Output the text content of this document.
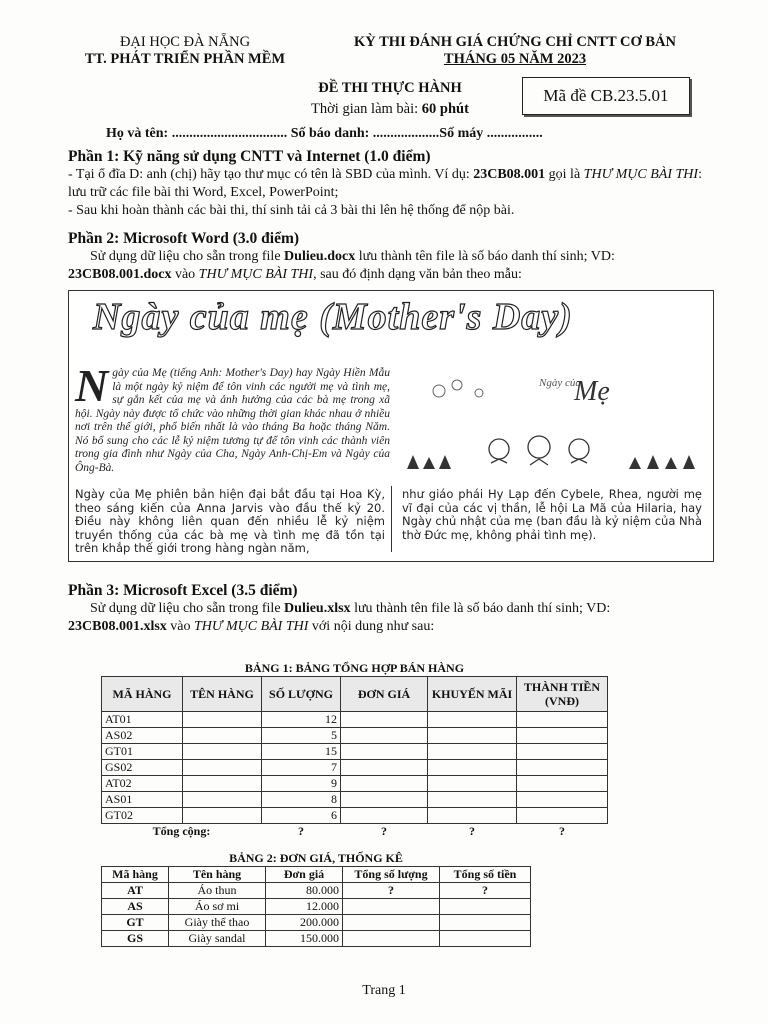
ĐẠI HỌC ĐÀ NẴNG
TT. PHÁT TRIỂN PHẦN MỀM
KỲ THI ĐÁNH GIÁ CHỨNG CHỈ CNTT CƠ BẢN
THÁNG 05 NĂM 2023
ĐỀ THI THỰC HÀNH
Thời gian làm bài: 60 phút
Mã đề CB.23.5.01
Họ và tên: ................................. Số báo danh: ...................Số máy ................
Phần 1: Kỹ năng sử dụng CNTT và Internet (1.0 điểm)
- Tại ổ đĩa D: anh (chị) hãy tạo thư mục có tên là SBD của mình. Ví dụ: 23CB08.001 gọi là THƯ MỤC BÀI THI: lưu trữ các file bài thi Word, Excel, PowerPoint;
- Sau khi hoàn thành các bài thi, thí sinh tải cả 3 bài thi lên hệ thống để nộp bài.
Phần 2: Microsoft Word (3.0 điểm)
Sử dụng dữ liệu cho sẵn trong file Dulieu.docx lưu thành tên file là số báo danh thí sinh; VD:
23CB08.001.docx vào THƯ MỤC BÀI THI, sau đó định dạng văn bản theo mẫu:
Ngày của mẹ (Mother's Day)
Ngày của Mẹ (tiếng Anh: Mother's Day) hay Ngày Hiền Mẫu là một ngày kỷ niệm để tôn vinh các người mẹ và tình mẹ, sự gắn kết của mẹ và ảnh hưởng của các bà mẹ trong xã hội. Ngày này được tổ chức vào những thời gian khác nhau ở nhiều nơi trên thế giới, phổ biến nhất là vào tháng Ba hoặc tháng Năm. Nó bổ sung cho các lễ kỷ niệm tương tự để tôn vinh các thành viên trong gia đình như Ngày của Cha, Ngày Anh-Chị-Em và Ngày của Ông-Bà.
Ngày của
Mẹ
Ngày của Mẹ phiên bản hiện đại bắt đầu tại Hoa Kỳ, theo sáng kiến của Anna Jarvis vào đầu thế kỷ 20. Điều này không liên quan đến nhiều lễ kỷ niệm truyền thống của các bà mẹ và tình mẹ đã tồn tại trên khắp thế giới trong hàng ngàn năm,
như giáo phái Hy Lạp đến Cybele, Rhea, người mẹ vĩ đại của các vị thần, lễ hội La Mã của Hilaria, hay Ngày chủ nhật của mẹ (ban đầu là kỷ niệm của Nhà thờ Đức mẹ, không phải tình mẹ).
Phần 3: Microsoft Excel (3.5 điểm)
Sử dụng dữ liệu cho sẵn trong file Dulieu.xlsx lưu thành tên file là số báo danh thí sinh; VD:
23CB08.001.xlsx vào THƯ MỤC BÀI THI với nội dung như sau:
BẢNG 1: BẢNG TỔNG HỢP BÁN HÀNG					
MÃ HÀNG	TÊN HÀNG	SỐ LƯỢNG	ĐƠN GIÁ	KHUYẾN MÃI	THÀNH TIỀN (VNĐ)
AT01		12			
AS02		5			
GT01		15			
GS02		7			
AT02		9			
AS01		8			
GT02		6			
Tổng cộng:		?	?	?	?
BẢNG 2: ĐƠN GIÁ, THỐNG KÊ				
Mã hàng	Tên hàng	Đơn giá	Tổng số lượng	Tổng số tiền
AT	Áo thun	80.000	?	?
AS	Áo sơ mi	12.000		
GT	Giày thể thao	200.000		
GS	Giày sandal	150.000		
Trang 1
